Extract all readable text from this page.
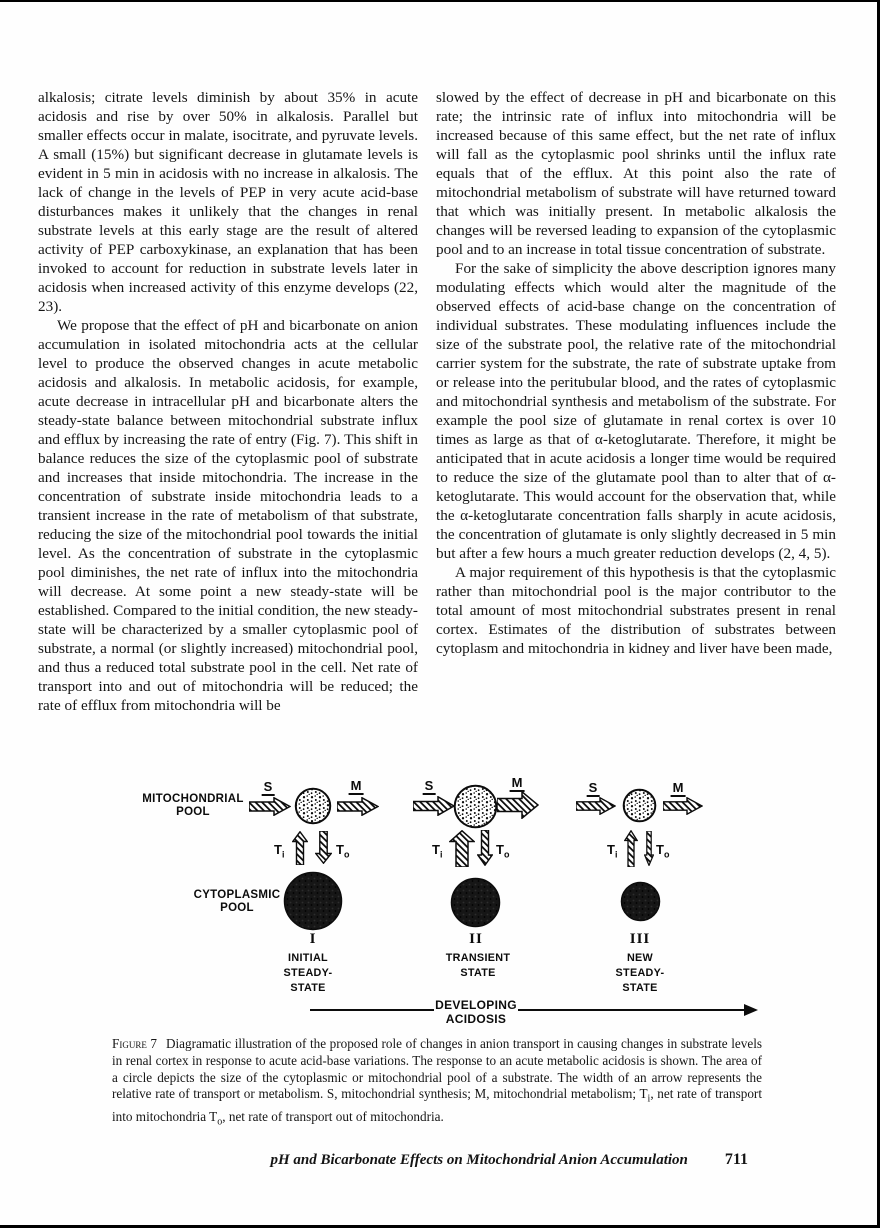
alkalosis; citrate levels diminish by about 35% in acute acidosis and rise by over 50% in alkalosis. Parallel but smaller effects occur in malate, isocitrate, and pyruvate levels. A small (15%) but significant decrease in glutamate levels is evident in 5 min in acidosis with no increase in alkalosis. The lack of change in the levels of PEP in very acute acid-base disturbances makes it unlikely that the changes in renal substrate levels at this early stage are the result of altered activity of PEP carboxykinase, an explanation that has been invoked to account for reduction in substrate levels later in acidosis when increased activity of this enzyme develops (22, 23).

We propose that the effect of pH and bicarbonate on anion accumulation in isolated mitochondria acts at the cellular level to produce the observed changes in acute metabolic acidosis and alkalosis. In metabolic acidosis, for example, acute decrease in intracellular pH and bicarbonate alters the steady-state balance between mitochondrial substrate influx and efflux by increasing the rate of entry (Fig. 7). This shift in balance reduces the size of the cytoplasmic pool of substrate and increases that inside mitochondria. The increase in the concentration of substrate inside mitochondria leads to a transient increase in the rate of metabolism of that substrate, reducing the size of the mitochondrial pool towards the initial level. As the concentration of substrate in the cytoplasmic pool diminishes, the net rate of influx into the mitochondria will decrease. At some point a new steady-state will be established. Compared to the initial condition, the new steady-state will be characterized by a smaller cytoplasmic pool of substrate, a normal (or slightly increased) mitochondrial pool, and thus a reduced total substrate pool in the cell. Net rate of transport into and out of mitochondria will be reduced; the rate of efflux from mitochondria will be

slowed by the effect of decrease in pH and bicarbonate on this rate; the intrinsic rate of influx into mitochondria will be increased because of this same effect, but the net rate of influx will fall as the cytoplasmic pool shrinks until the influx rate equals that of the efflux. At this point also the rate of mitochondrial metabolism of substrate will have returned toward that which was initially present. In metabolic alkalosis the changes will be reversed leading to expansion of the cytoplasmic pool and to an increase in total tissue concentration of substrate.

For the sake of simplicity the above description ignores many modulating effects which would alter the magnitude of the observed effects of acid-base change on the concentration of individual substrates. These modulating influences include the size of the substrate pool, the relative rate of the mitochondrial carrier system for the substrate, the rate of substrate uptake from or release into the peritubular blood, and the rates of cytoplasmic and mitochondrial synthesis and metabolism of the substrate. For example the pool size of glutamate in renal cortex is over 10 times as large as that of α-ketoglutarate. Therefore, it might be anticipated that in acute acidosis a longer time would be required to reduce the size of the glutamate pool than to alter that of α-ketoglutarate. This would account for the observation that, while the α-ketoglutarate concentration falls sharply in acute acidosis, the concentration of glutamate is only slightly decreased in 5 min but after a few hours a much greater reduction develops (2, 4, 5).

A major requirement of this hypothesis is that the cytoplasmic rather than mitochondrial pool is the major contributor to the total amount of most mitochondrial substrates present in renal cortex. Estimates of the distribution of substrates between cytoplasm and mitochondria in kidney and liver have been made,

MITOCHONDRIAL
POOL
CYTOPLASMIC
POOL
S	M
$T_i$	$T_o$
I
INITIAL
STEADY-
STATE
S	M
$T_i$	$T_o$
II
TRANSIENT
STATE
S	M
$T_i$	$T_o$
III
NEW
STEADY-
STATE
DEVELOPING
ACIDOSIS
Figure 7 Diagramatic illustration of the proposed role of changes in anion transport in causing changes in substrate levels in renal cortex in response to acute acid-base variations. The response to an acute metabolic acidosis is shown. The area of a circle depicts the size of the cytoplasmic or mitochondrial pool of a substrate. The width of an arrow represents the relative rate of transport or metabolism. S, mitochondrial synthesis; M, mitochondrial metabolism; $T_i$, net rate of transport into mitochondria $T_o$, net rate of transport out of mitochondria.
pH and Bicarbonate Effects on Mitochondrial Anion Accumulation 711
